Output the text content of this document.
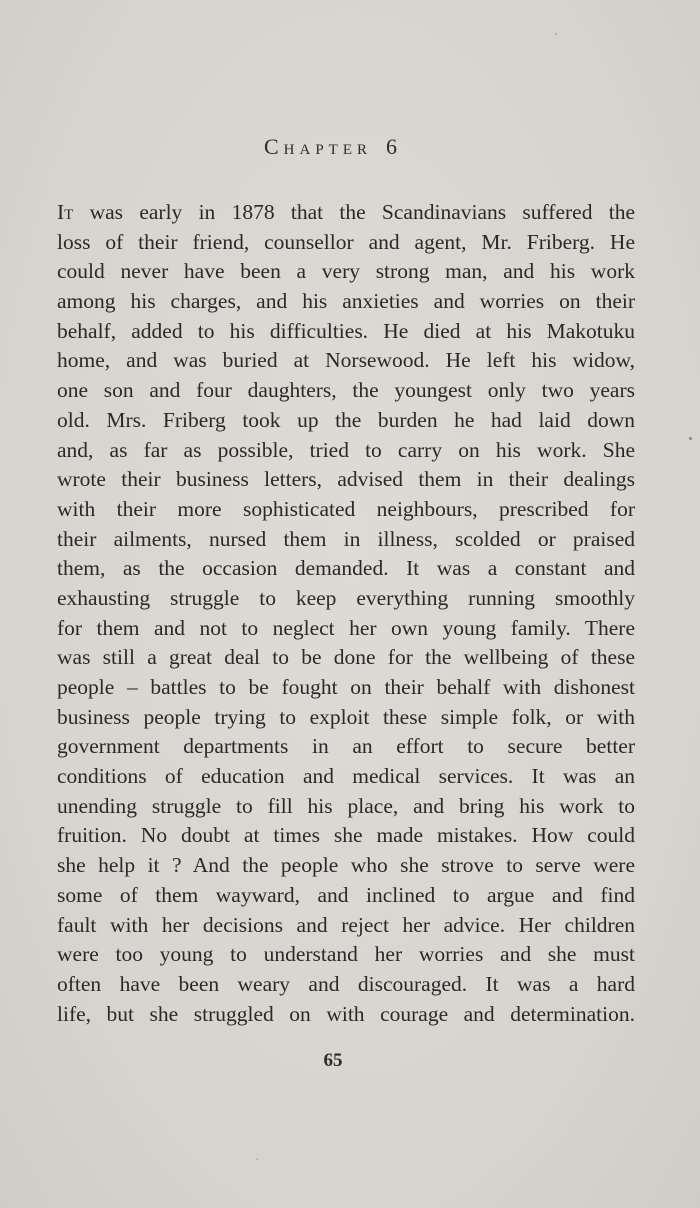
Chapter 6
It was early in 1878 that the Scandinavians suffered the
loss of their friend, counsellor and agent, Mr. Friberg. He
could never have been a very strong man, and his work
among his charges, and his anxieties and worries on their
behalf, added to his difficulties. He died at his Makotuku
home, and was buried at Norsewood. He left his widow,
one son and four daughters, the youngest only two years
old. Mrs. Friberg took up the burden he had laid down
and, as far as possible, tried to carry on his work. She
wrote their business letters, advised them in their dealings
with their more sophisticated neighbours, prescribed for
their ailments, nursed them in illness, scolded or praised
them, as the occasion demanded. It was a constant and
exhausting struggle to keep everything running smoothly
for them and not to neglect her own young family. There
was still a great deal to be done for the wellbeing of these
people – battles to be fought on their behalf with dishonest
business people trying to exploit these simple folk, or with
government departments in an effort to secure better
conditions of education and medical services. It was an
unending struggle to fill his place, and bring his work to
fruition. No doubt at times she made mistakes. How could
she help it ? And the people who she strove to serve were
some of them wayward, and inclined to argue and find
fault with her decisions and reject her advice. Her children
were too young to understand her worries and she must
often have been weary and discouraged. It was a hard
life, but she struggled on with courage and determination.
65
